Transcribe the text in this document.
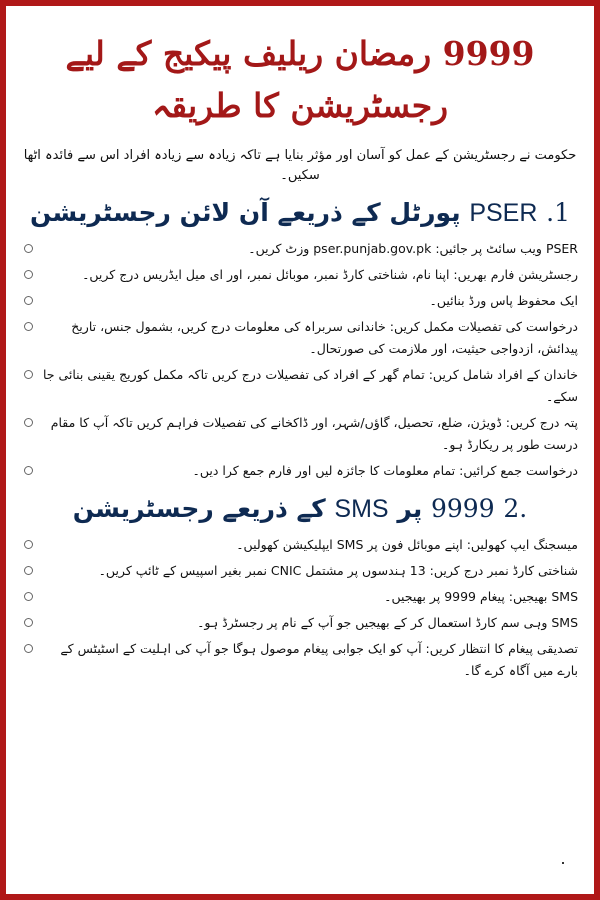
9999 رمضان ریلیف پیکیج کے لیے
رجسٹریشن کا طریقہ
حکومت نے رجسٹریشن کے عمل کو آسان اور مؤثر بنایا ہے تاکہ زیادہ سے زیادہ افراد اس سے فائدہ اٹھا سکیں۔
PSER .1 پورٹل کے ذریعے آن لائن رجسٹریشن
PSER ویب سائٹ پر جائیں: pser.punjab.gov.pk وزٹ کریں۔
رجسٹریشن فارم بھریں: اپنا نام، شناختی کارڈ نمبر، موبائل نمبر، اور ای میل ایڈریس درج کریں۔
ایک محفوظ پاس ورڈ بنائیں۔
درخواست کی تفصیلات مکمل کریں: خاندانی سربراہ کی معلومات درج کریں، بشمول جنس، تاریخ پیدائش، ازدواجی حیثیت، اور ملازمت کی صورتحال۔
خاندان کے افراد شامل کریں: تمام گھر کے افراد کی تفصیلات درج کریں تاکہ مکمل کوریج یقینی بنائی جا سکے۔
پتہ درج کریں: ڈویژن، ضلع، تحصیل، گاؤں/شہر، اور ڈاکخانے کی تفصیلات فراہم کریں تاکہ آپ کا مقام درست طور پر ریکارڈ ہو۔
درخواست جمع کرائیں: تمام معلومات کا جائزہ لیں اور فارم جمع کرا دیں۔
.2 9999 پر SMS کے ذریعے رجسٹریشن
میسجنگ ایپ کھولیں: اپنے موبائل فون پر SMS ایپلیکیشن کھولیں۔
شناختی کارڈ نمبر درج کریں: 13 ہندسوں پر مشتمل CNIC نمبر بغیر اسپیس کے ٹائپ کریں۔
SMS بھیجیں: پیغام 9999 پر بھیجیں۔
SMS وہی سم کارڈ استعمال کر کے بھیجیں جو آپ کے نام پر رجسٹرڈ ہو۔
تصدیقی پیغام کا انتظار کریں: آپ کو ایک جوابی پیغام موصول ہوگا جو آپ کی اہلیت کے اسٹیٹس کے بارے میں آگاہ کرے گا۔
